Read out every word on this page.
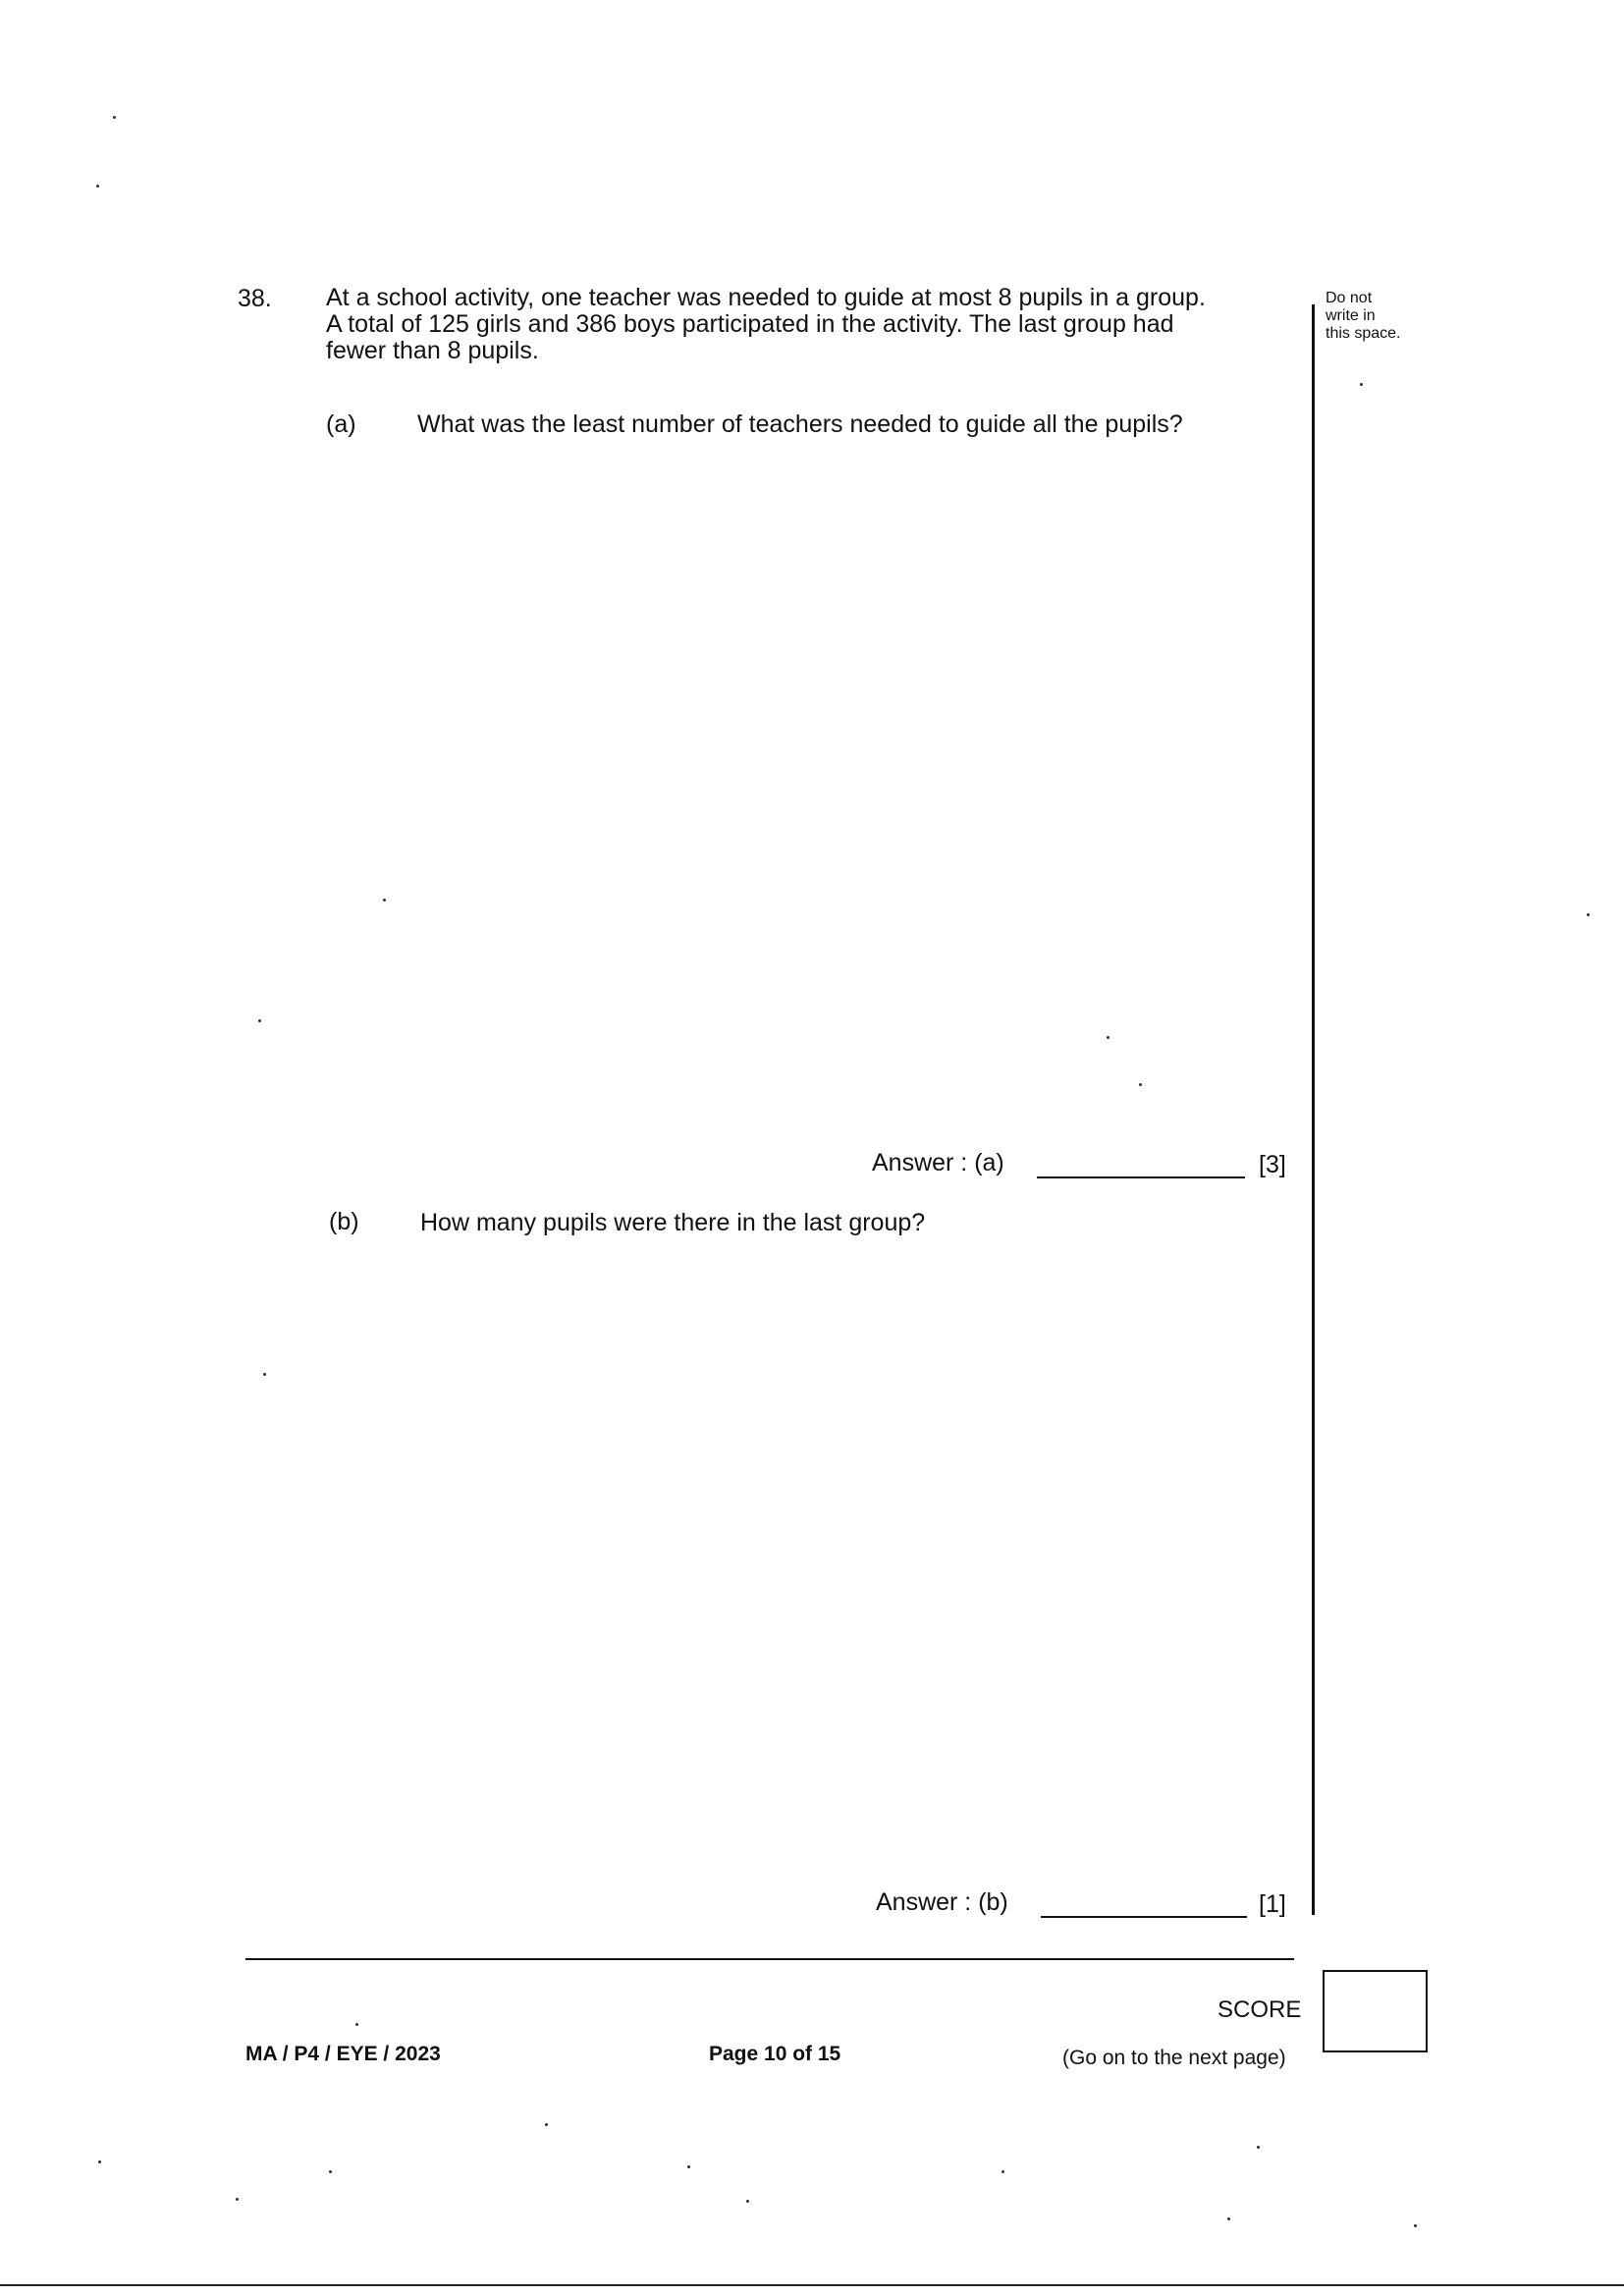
38. At a school activity, one teacher was needed to guide at most 8 pupils in a group.
A total of 125 girls and 386 boys participated in the activity. The last group had
fewer than 8 pupils.
Do not
write in
this space.
(a) What was the least number of teachers needed to guide all the pupils?
Answer : (a)	[3]
(b) How many pupils were there in the last group?
Answer : (b)	[1]
SCORE
MA / P4 / EYE / 2023	Page 10 of 15	(Go on to the next page)
